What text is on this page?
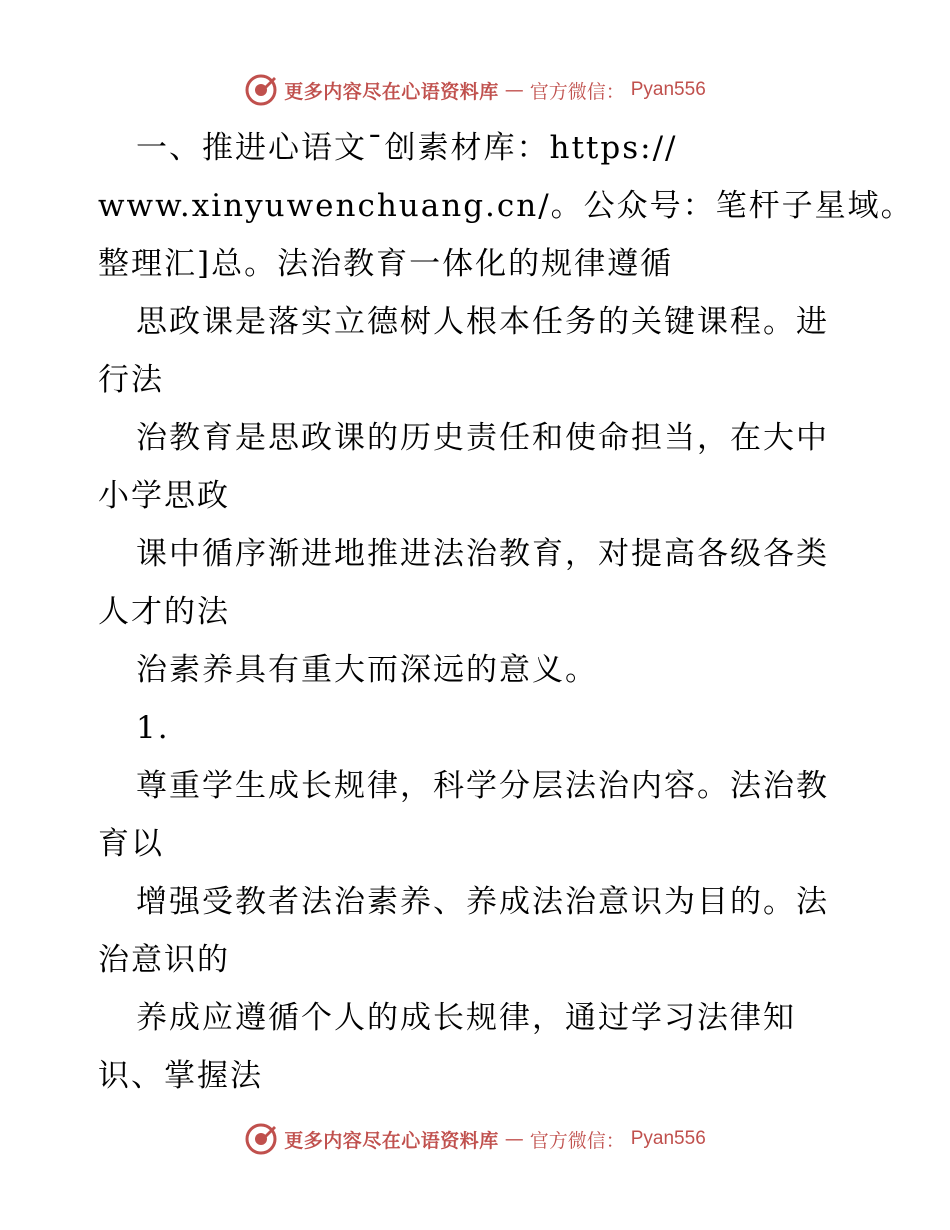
更多内容尽在心语资料库 — 官方微信： Pyan556
一、推进心语文¯创素材库：https://
www.xinyuwenchuang.cn/。公众号：笔杆子星域。
整理汇]总。法治教育一体化的规律遵循
思政课是落实立德树人根本任务的关键课程。进
行法
治教育是思政课的历史责任和使命担当，在大中
小学思政
课中循序渐进地推进法治教育，对提高各级各类
人才的法
治素养具有重大而深远的意义。
1.
尊重学生成长规律，科学分层法治内容。法治教
育以
增强受教者法治素养、养成法治意识为目的。法
治意识的
养成应遵循个人的成长规律，通过学习法律知
识、掌握法
更多内容尽在心语资料库 — 官方微信： Pyan556
